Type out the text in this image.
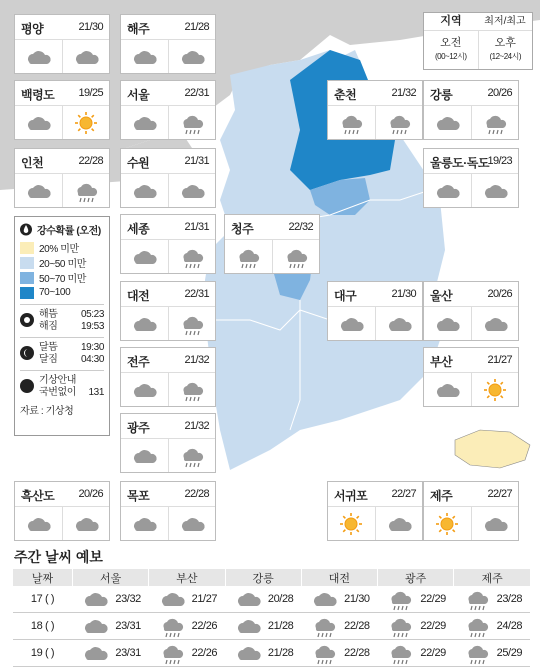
지역	최저/최고
오전
(00~12시)
오후
(12~24시)
평양	21/30 해주	21/28
백령도 19/25 서울	22/31	춘천	21/32 강릉	20/26
인천	22/28 수원	21/31	울릉도·독도
19/23
세종	21/31 청주	22/32
대전	22/31	대구	21/30 울산	20/26
전주	21/32	부산	21/27
광주	21/32
흑산도 20/26 목포	22/28	서귀포 22/27 제주	22/27
강수확률 (오전)
20% 미만
20~50 미만
50~70 미만
70~100
해뜸 05:23
해짐 19:53
달뜸 19:30
달짐 04:30
기상안내
국번없이 131
자료 : 기상청
주간 날씨 예보
날짜	서울	부산	강릉	대전	광주	제주
17 ( )	23/32	21/27	20/28	21/30	22/29	23/28
18 ( )	23/31	22/26	21/28	22/28	22/29	24/28
19 ( )	23/31	22/26	21/28	22/28	22/29	25/29
